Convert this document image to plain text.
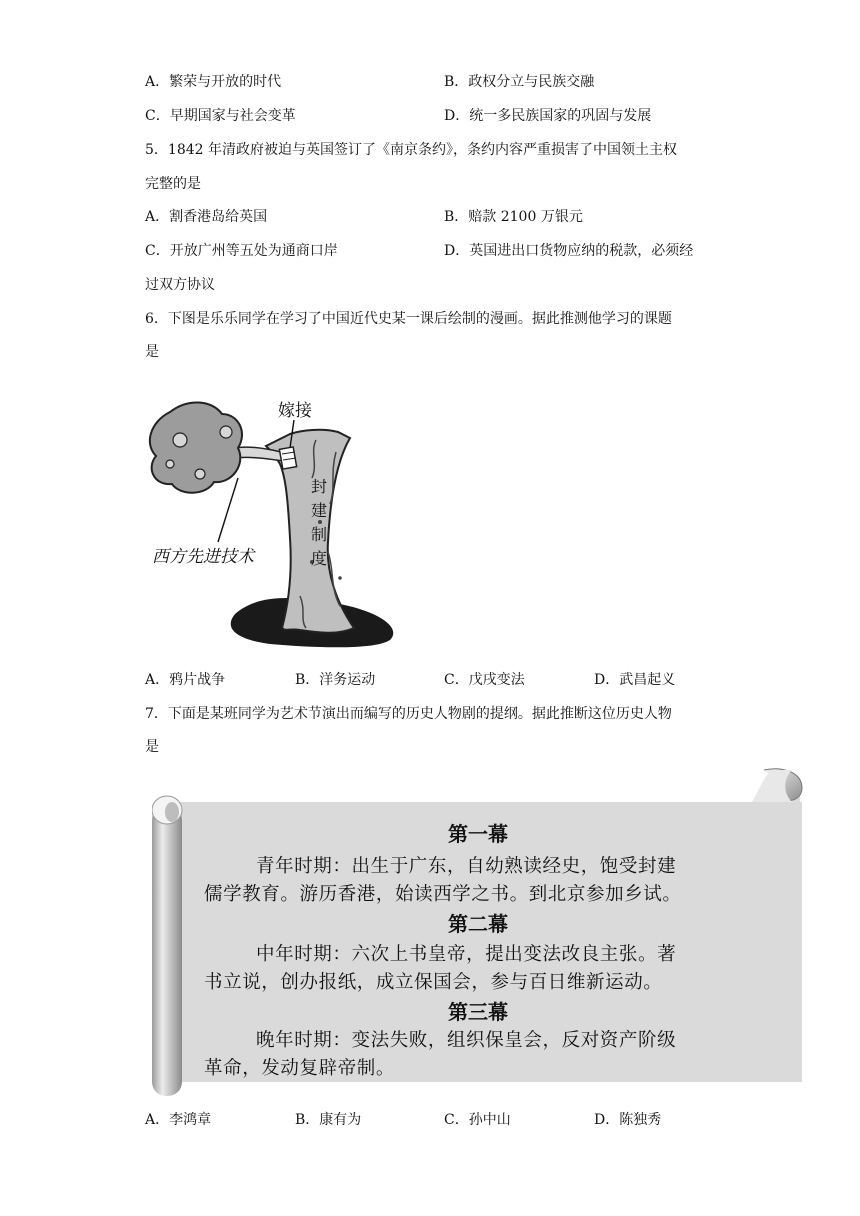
A．繁荣与开放的时代	B．政权分立与民族交融
C．早期国家与社会变革	D．统一多民族国家的巩固与发展
5．1842 年清政府被迫与英国签订了《南京条约》，条约内容严重损害了中国领土主权
完整的是
A．割香港岛给英国	B．赔款 2100 万银元
C．开放广州等五处为通商口岸	D．英国进出口货物应纳的税款，必须经
过双方协议
6．下图是乐乐同学在学习了中国近代史某一课后绘制的漫画。据此推测他学习的课题
是
嫁接
西方先进技术
封
建
制
度
A．鸦片战争	B．洋务运动	C．戊戌变法	D．武昌起义
7．下面是某班同学为艺术节演出而编写的历史人物剧的提纲。据此推断这位历史人物
是
第一幕
青年时期：出生于广东，自幼熟读经史，饱受封建
儒学教育。游历香港，始读西学之书。到北京参加乡试。
第二幕
中年时期：六次上书皇帝，提出变法改良主张。著
书立说，创办报纸，成立保国会，参与百日维新运动。
第三幕
晚年时期：变法失败，组织保皇会，反对资产阶级
革命，发动复辟帝制。
A．李鸿章	B．康有为	C．孙中山	D．陈独秀
